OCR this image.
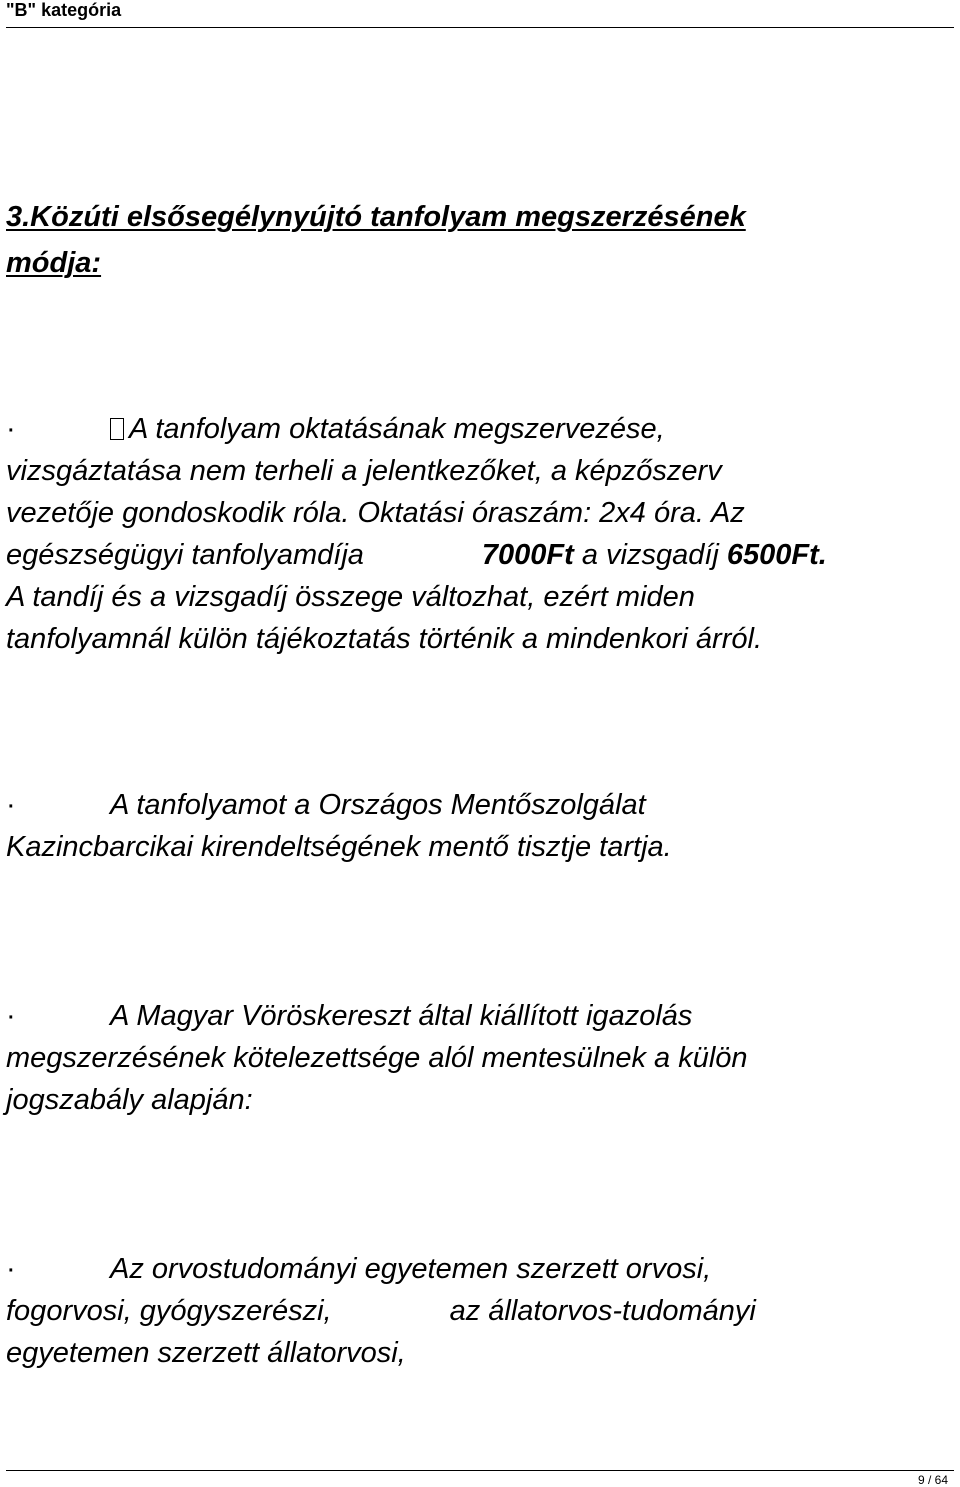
"B" kategória
3.Közúti elsősegélynyújtó tanfolyam megszerzésének
módja:
·	A tanfolyam oktatásának megszervezése,
vizsgáztatása nem terheli a jelentkezőket, a képzőszerv
vezetője gondoskodik róla. Oktatási óraszám: 2x4 óra. Az
egészségügyi tanfolyamdíja	7000Ft a vizsgadíj 6500Ft.
A tandíj és a vizsgadíj összege változhat, ezért miden
tanfolyamnál külön tájékoztatás történik a mindenkori árról.
·	A tanfolyamot a Országos Mentőszolgálat
Kazincbarcikai kirendeltségének mentő tisztje tartja.
·	A Magyar Vöröskereszt által kiállított igazolás
megszerzésének kötelezettsége alól mentesülnek a külön
jogszabály alapján:
·	Az orvostudományi egyetemen szerzett orvosi,
fogorvosi, gyógyszerészi,	az állatorvos-tudományi
egyetemen szerzett állatorvosi,
9 / 64
